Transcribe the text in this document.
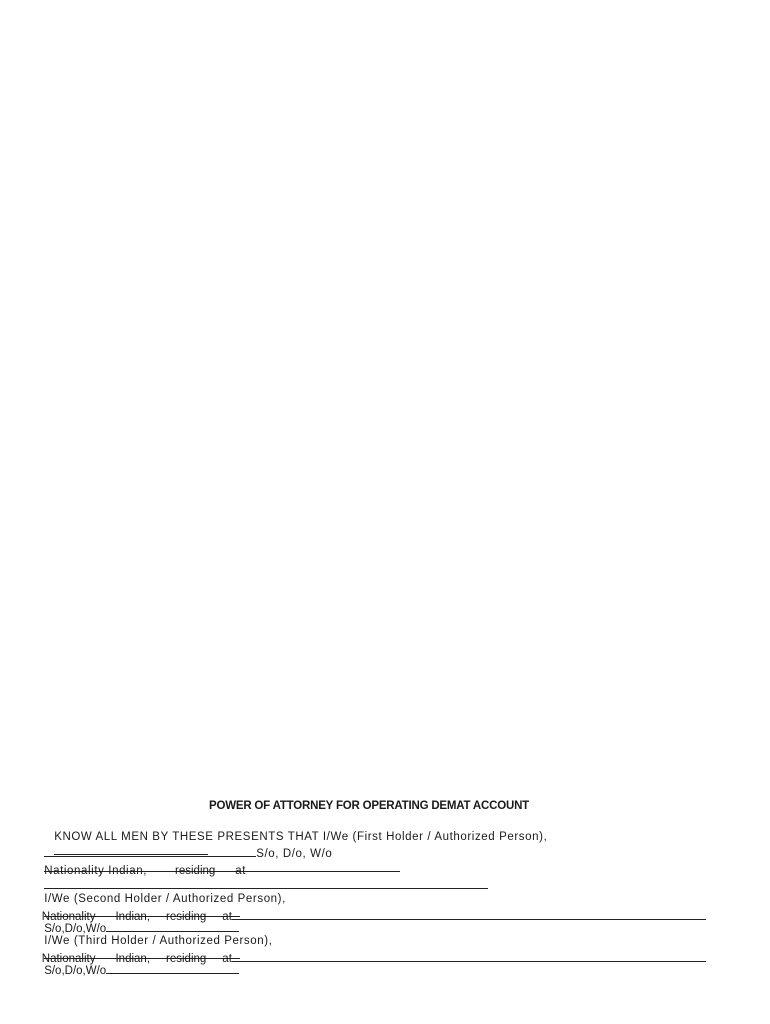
POWER OF ATTORNEY FOR OPERATING DEMAT ACCOUNT

KNOW ALL MEN BY THESE PRESENTS THAT I/We (First Holder / Authorized Person),

S/o, D/o, W/o

Nationality Indian, residing at

I/We (Second Holder / Authorized Person),

S/o,D/o,W/o

Nationality Indian, residing at

I/We (Third Holder / Authorized Person),

S/o,D/o,W/o

Nationality Indian, residing at
